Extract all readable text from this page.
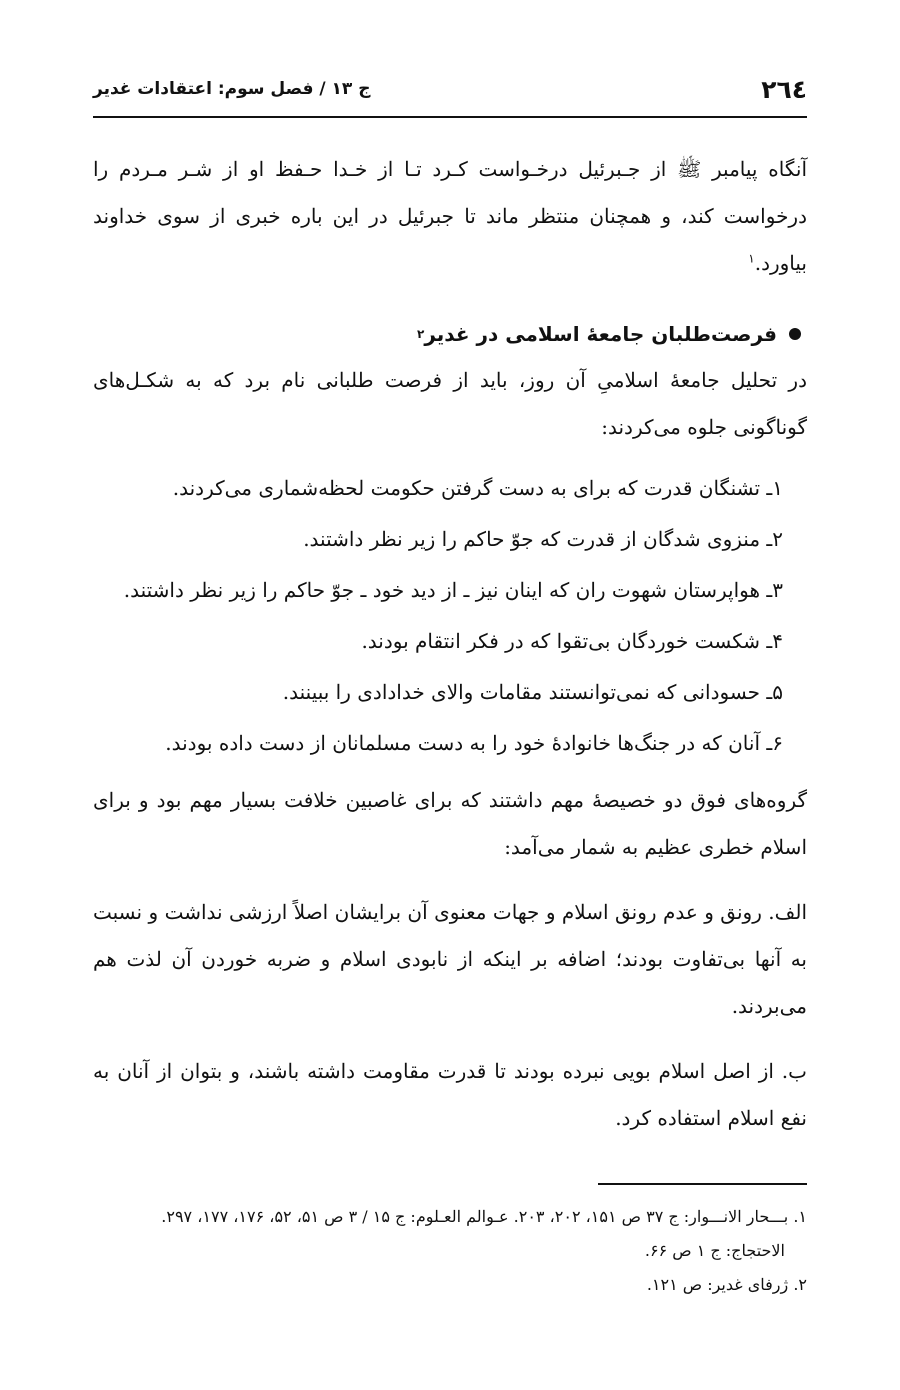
۲٦٤
ج ۱۳ / فصل سوم: اعتقادات غدیر

آنگاه پیامبر ﷺ از جـبرئیل درخـواست کـرد تـا از خـدا حـفظ او از شـر مـردم را درخواست کند، و همچنان منتظر ماند تا جبرئیل در این باره خبری از سوی خداوند بیاورد.$^۱$

فرصت‌طلبان جامعهٔ اسلامی در غدیر
۲

در تحلیل جامعهٔ اسلامیِ آن روز، باید از فرصت طلبانی نام برد که به شکـل‌های گوناگونی جلوه می‌کردند:

۱ـ تشنگان قدرت که برای به دست گرفتن حکومت لحظه‌شماری می‌کردند.
۲ـ منزوی شدگان از قدرت که جوّ حاکم را زیر نظر داشتند.
۳ـ هواپرستان شهوت ران که اینان نیز ـ از دید خود ـ جوّ حاکم را زیر نظر داشتند.
۴ـ شکست خوردگان بی‌تقوا که در فکر انتقام بودند.
۵ـ حسودانی که نمی‌توانستند مقامات والای خدادادی را ببینند.
۶ـ آنان که در جنگ‌ها خانوادهٔ خود را به دست مسلمانان از دست داده بودند.

گروه‌های فوق دو خصیصهٔ مهم داشتند که برای غاصبین خلافت بسیار مهم بود و برای اسلام خطری عظیم به شمار می‌آمد:

الف. رونق و عدم رونق اسلام و جهات معنوی آن برایشان اصلاً ارزشی نداشت و نسبت به آنها بی‌تفاوت بودند؛ اضافه بر اینکه از نابودی اسلام و ضربه خوردن آن لذت هم می‌بردند.

ب. از اصل اسلام بویی نبرده بودند تا قدرت مقاومت داشته باشند، و بتوان از آنان به نفع اسلام استفاده کرد.

۱. بـــحار الانـــوار: ج ۳۷ ص ۱۵۱، ۲۰۲، ۲۰۳. عـوالم العـلوم: ج ۱۵ / ۳ ص ۵۱، ۵۲، ۱۷۶، ۱۷۷، ۲۹۷.
الاحتجاج: ج ۱ ص ۶۶.
۲. ژرفای غدیر: ص ۱۲۱.
